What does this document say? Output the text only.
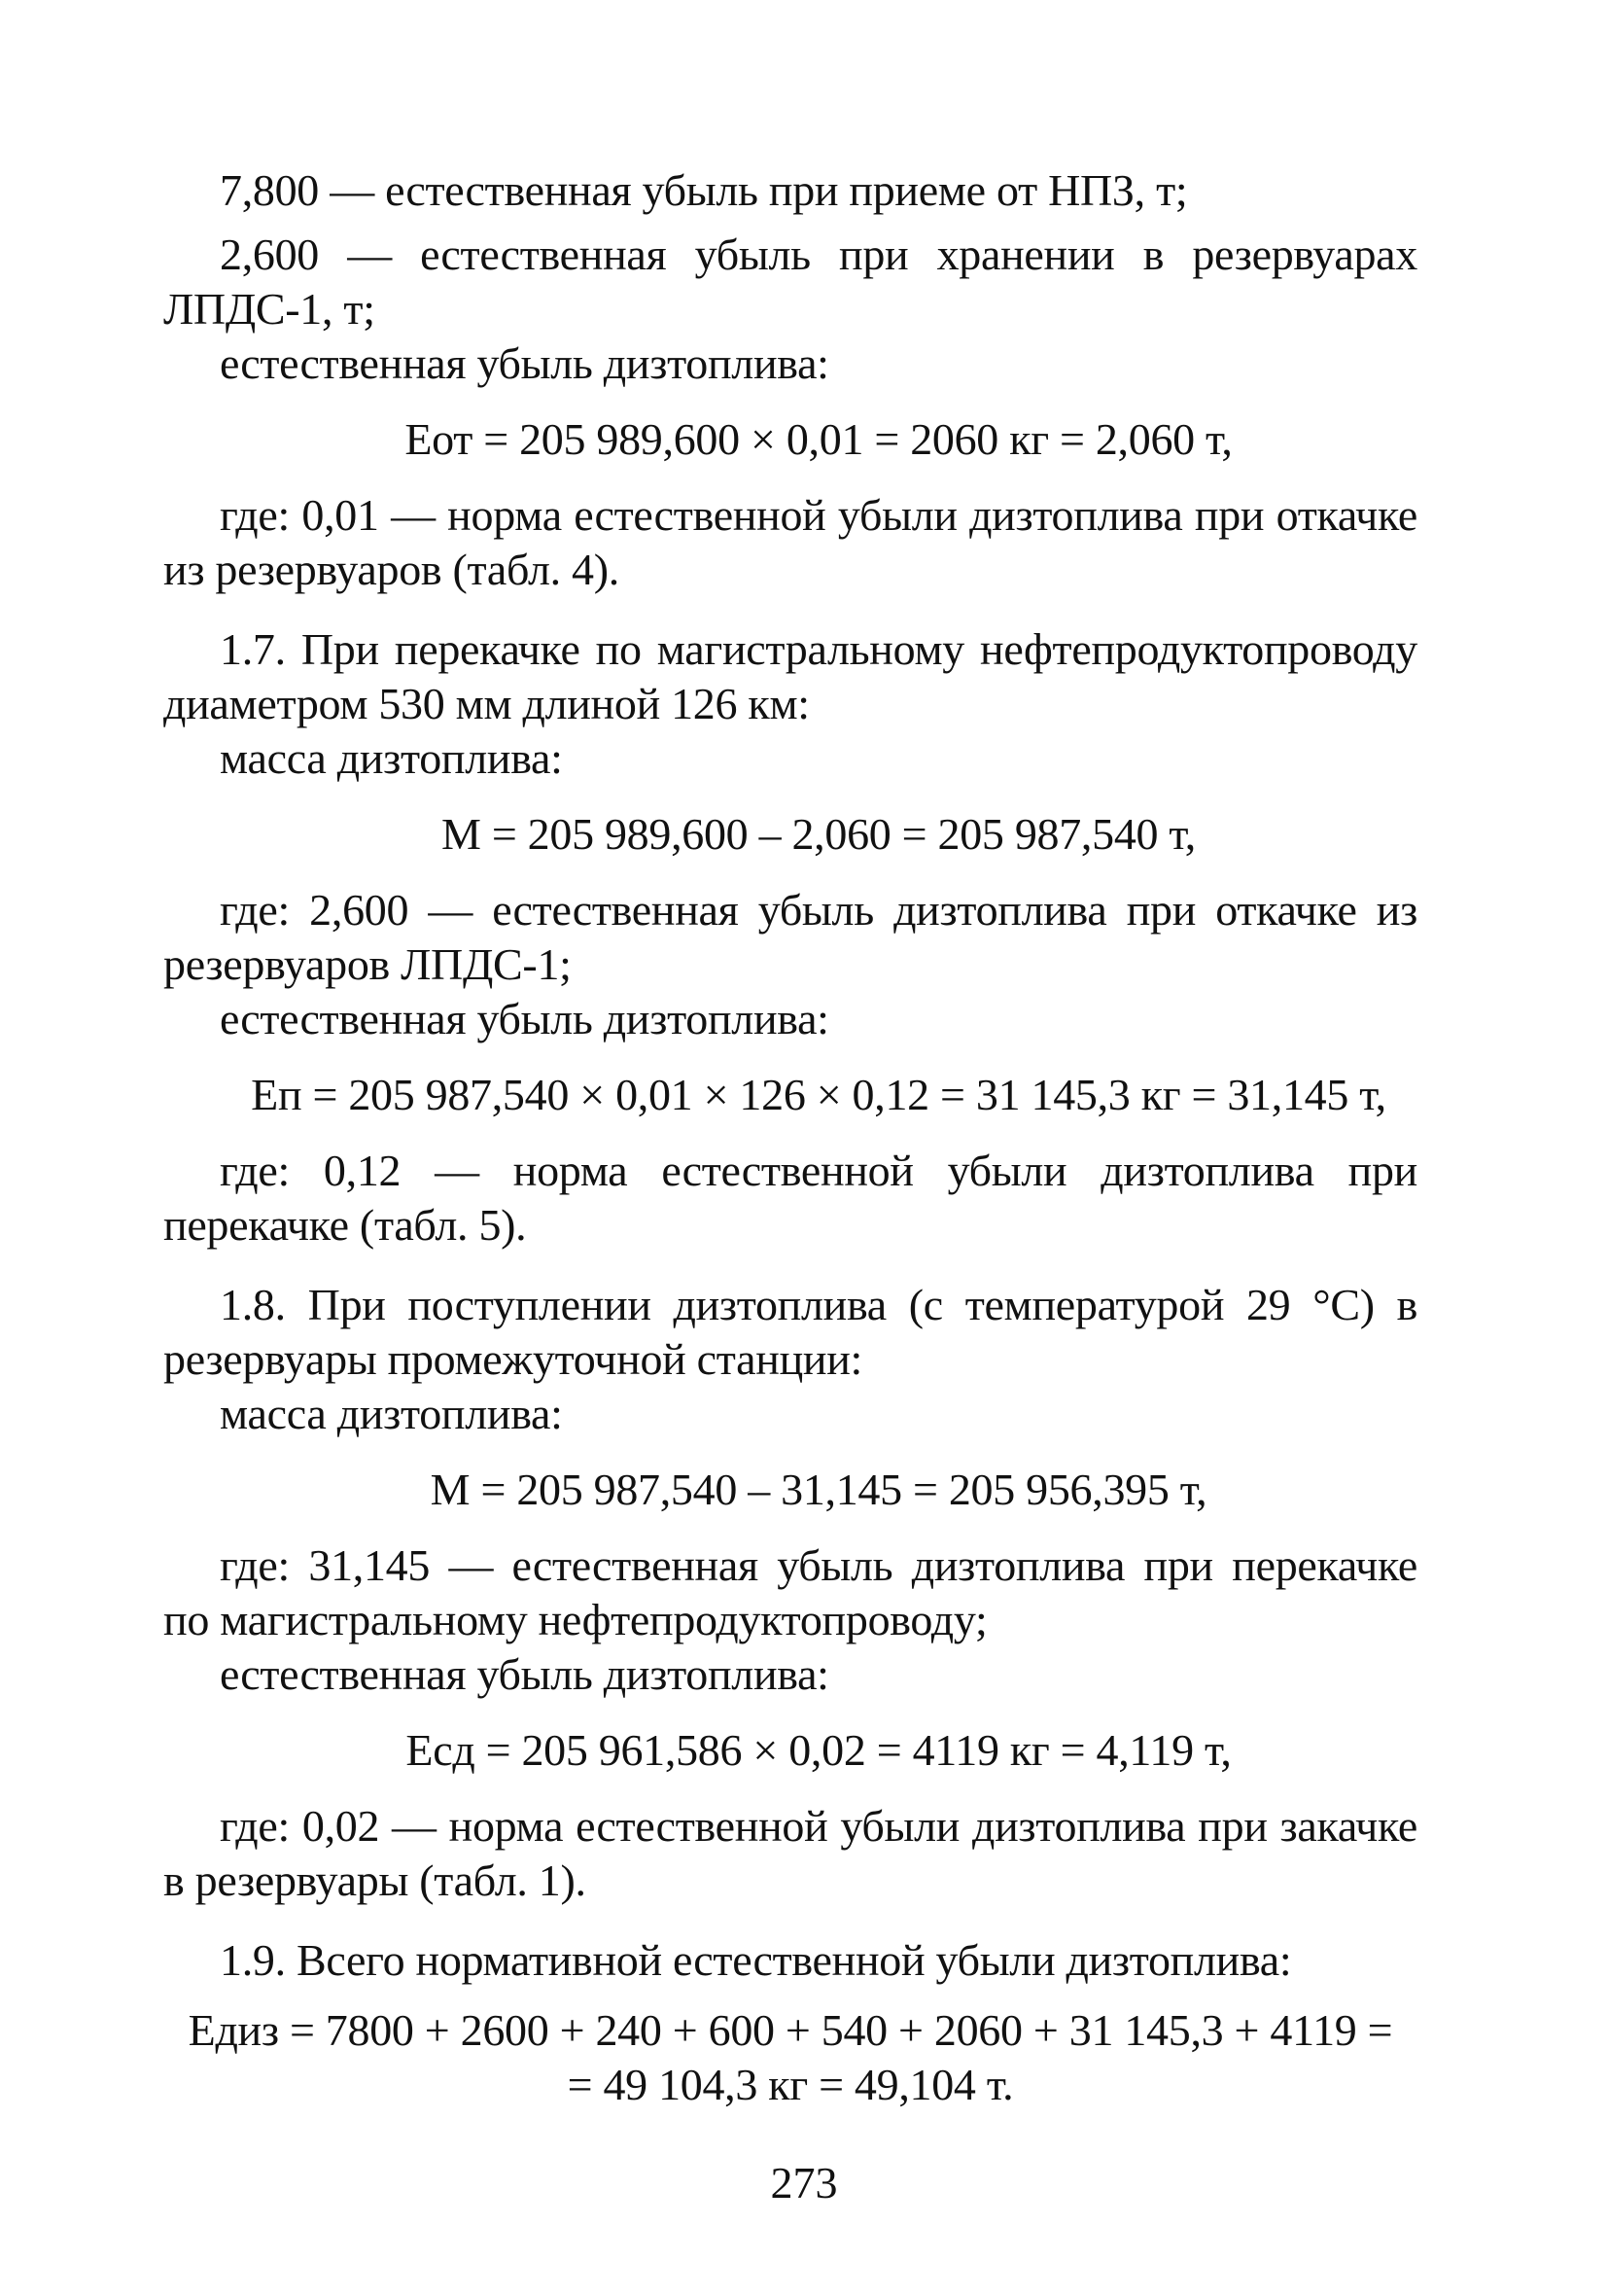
7,800 — естественная убыль при приеме от НПЗ, т;

2,600 — естественная убыль при хранении в резервуарах ЛПДС-1, т;

естественная убыль дизтоплива:

Еот = 205 989,600 × 0,01 = 2060 кг = 2,060 т,

где: 0,01 — норма естественной убыли дизтоплива при откачке из резервуаров (табл. 4).

1.7. При перекачке по магистральному нефтепродуктопроводу диаметром 530 мм длиной 126 км:

масса дизтоплива:

М = 205 989,600 – 2,060 = 205 987,540 т,

где: 2,600 — естественная убыль дизтоплива при откачке из резервуаров ЛПДС-1;

естественная убыль дизтоплива:

Еп = 205 987,540 × 0,01 × 126 × 0,12 = 31 145,3 кг = 31,145 т,

где: 0,12 — норма естественной убыли дизтоплива при перекачке (табл. 5).

1.8. При поступлении дизтоплива (с температурой 29 °С) в резервуары промежуточной станции:

масса дизтоплива:

М = 205 987,540 – 31,145 = 205 956,395 т,

где: 31,145 — естественная убыль дизтоплива при перекачке по магистральному нефтепродуктопроводу;

естественная убыль дизтоплива:

Есд = 205 961,586 × 0,02 = 4119 кг = 4,119 т,

где: 0,02 — норма естественной убыли дизтоплива при закачке в резервуары (табл. 1).

1.9. Всего нормативной естественной убыли дизтоплива:

Едиз = 7800 + 2600 + 240 + 600 + 540 + 2060 + 31 145,3 + 4119 =

= 49 104,3 кг = 49,104 т.

273
